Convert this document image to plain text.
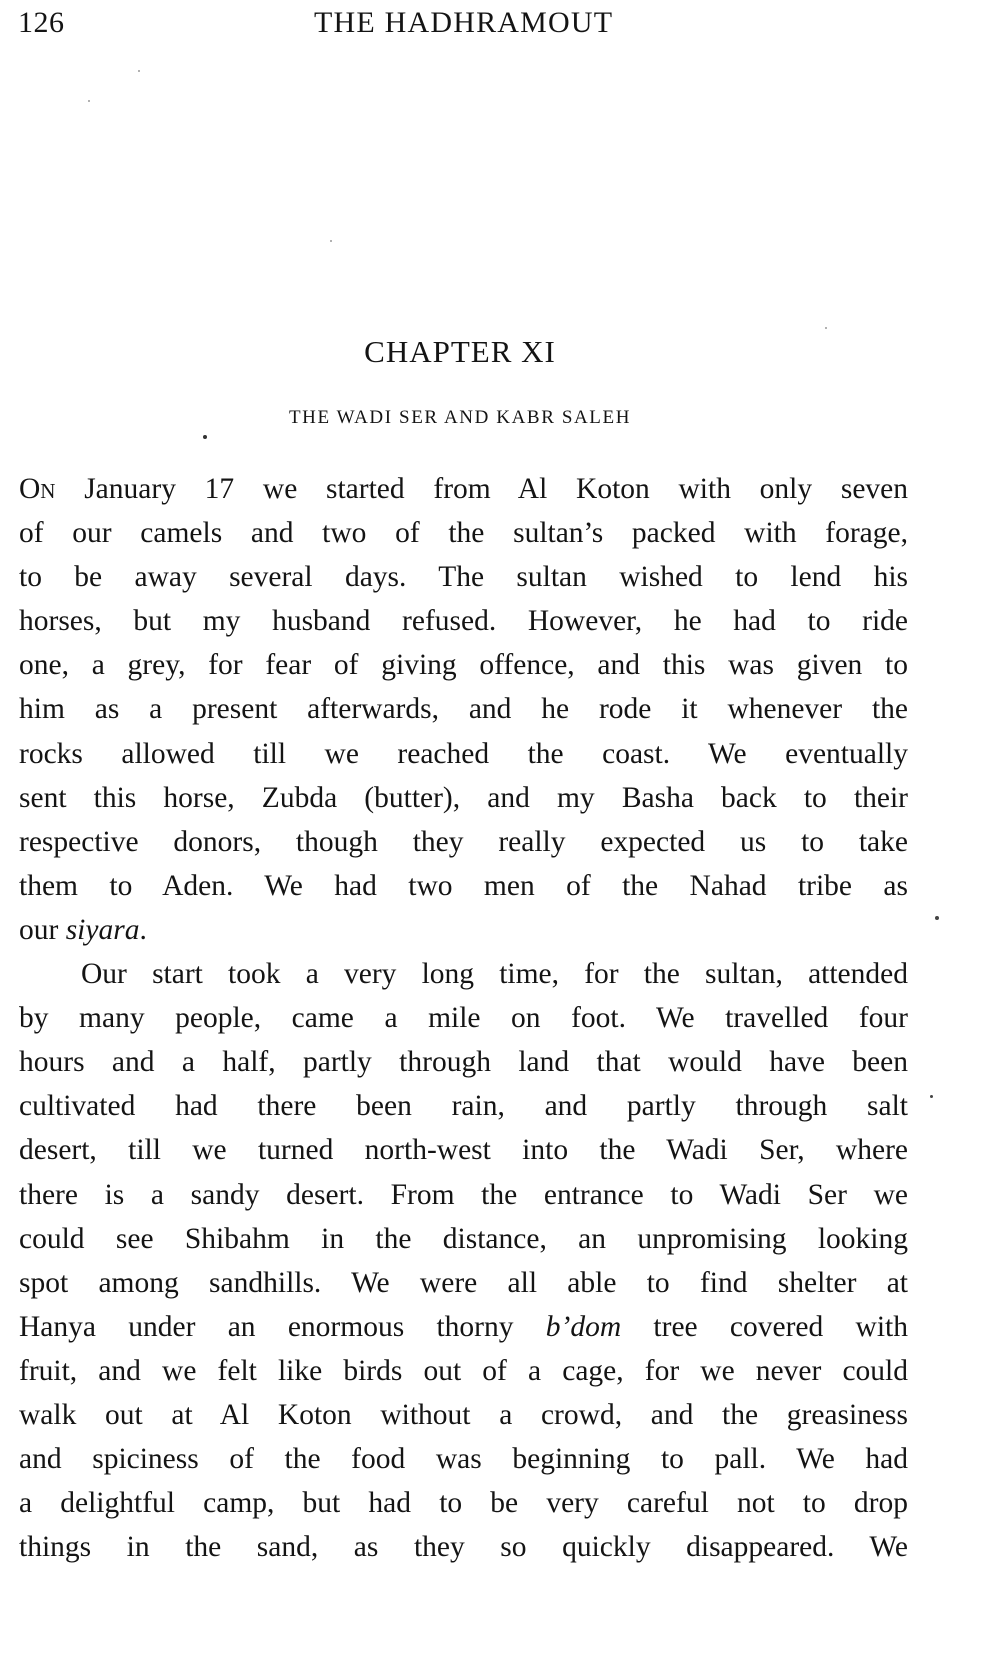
126	THE HADHRAMOUT
CHAPTER XI
THE WADI SER AND KABR SALEH
On January 17 we started from Al Koton with only seven
of our camels and two of the sultan’s packed with forage,
to be away several days. The sultan wished to lend his
horses, but my husband refused. However, he had to ride
one, a grey, for fear of giving offence, and this was given to
him as a present afterwards, and he rode it whenever the
rocks allowed till we reached the coast. We eventually
sent this horse, Zubda (butter), and my Basha back to their
respective donors, though they really expected us to take
them to Aden. We had two men of the Nahad tribe as
our siyara.
Our start took a very long time, for the sultan, attended
by many people, came a mile on foot. We travelled four
hours and a half, partly through land that would have been
cultivated had there been rain, and partly through salt
desert, till we turned north-west into the Wadi Ser, where
there is a sandy desert. From the entrance to Wadi Ser we
could see Shibahm in the distance, an unpromising looking
spot among sandhills. We were all able to find shelter at
Hanya under an enormous thorny b’dom tree covered with
fruit, and we felt like birds out of a cage, for we never could
walk out at Al Koton without a crowd, and the greasiness
and spiciness of the food was beginning to pall. We had
a delightful camp, but had to be very careful not to drop
things in the sand, as they so quickly disappeared. We
